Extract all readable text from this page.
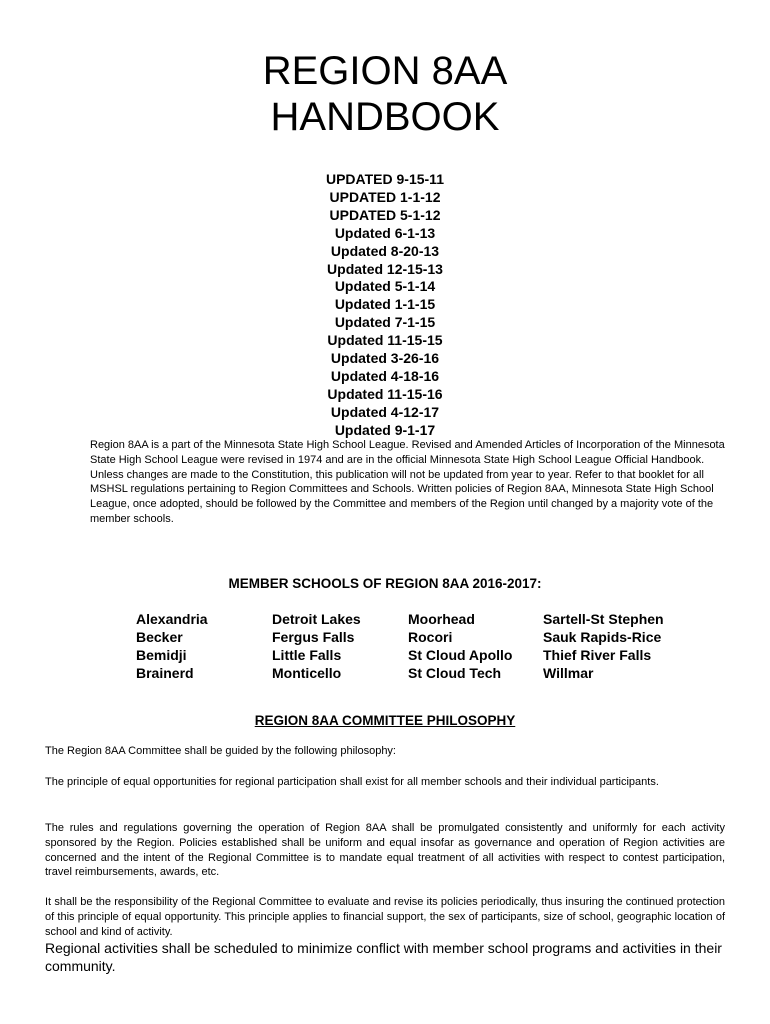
REGION 8AA
HANDBOOK
UPDATED 9-15-11
UPDATED 1-1-12
UPDATED 5-1-12
Updated 6-1-13
Updated 8-20-13
Updated 12-15-13
Updated 5-1-14
Updated 1-1-15
Updated 7-1-15
Updated 11-15-15
Updated 3-26-16
Updated 4-18-16
Updated 11-15-16
Updated 4-12-17
Updated 9-1-17

Region 8AA is a part of the Minnesota State High School League. Revised and Amended Articles of Incorporation of the Minnesota State High School League were revised in 1974 and are in the official Minnesota State High School League Official Handbook. Unless changes are made to the Constitution, this publication will not be updated from year to year. Refer to that booklet for all MSHSL regulations pertaining to Region Committees and Schools. Written policies of Region 8AA, Minnesota State High School League, once adopted, should be followed by the Committee and members of the Region until changed by a majority vote of the member schools.

MEMBER SCHOOLS OF REGION 8AA 2016-2017:
Alexandria
Becker
Bemidji
Brainerd
Detroit Lakes
Fergus Falls
Little Falls
Monticello
Moorhead
Rocori
St Cloud Apollo
St Cloud Tech
Sartell-St Stephen
Sauk Rapids-Rice
Thief River Falls
Willmar
REGION 8AA COMMITTEE PHILOSOPHY

The Region 8AA Committee shall be guided by the following philosophy:

The principle of equal opportunities for regional participation shall exist for all member schools and their individual participants.

The rules and regulations governing the operation of Region 8AA shall be promulgated consistently and uniformly for each activity sponsored by the Region. Policies established shall be uniform and equal insofar as governance and operation of Region activities are concerned and the intent of the Regional Committee is to mandate equal treatment of all activities with respect to contest participation, travel reimbursements, awards, etc.

It shall be the responsibility of the Regional Committee to evaluate and revise its policies periodically, thus insuring the continued protection of this principle of equal opportunity. This principle applies to financial support, the sex of participants, size of school, geographic location of school and kind of activity.

Regional activities shall be scheduled to minimize conflict with member school programs and activities in their community.
